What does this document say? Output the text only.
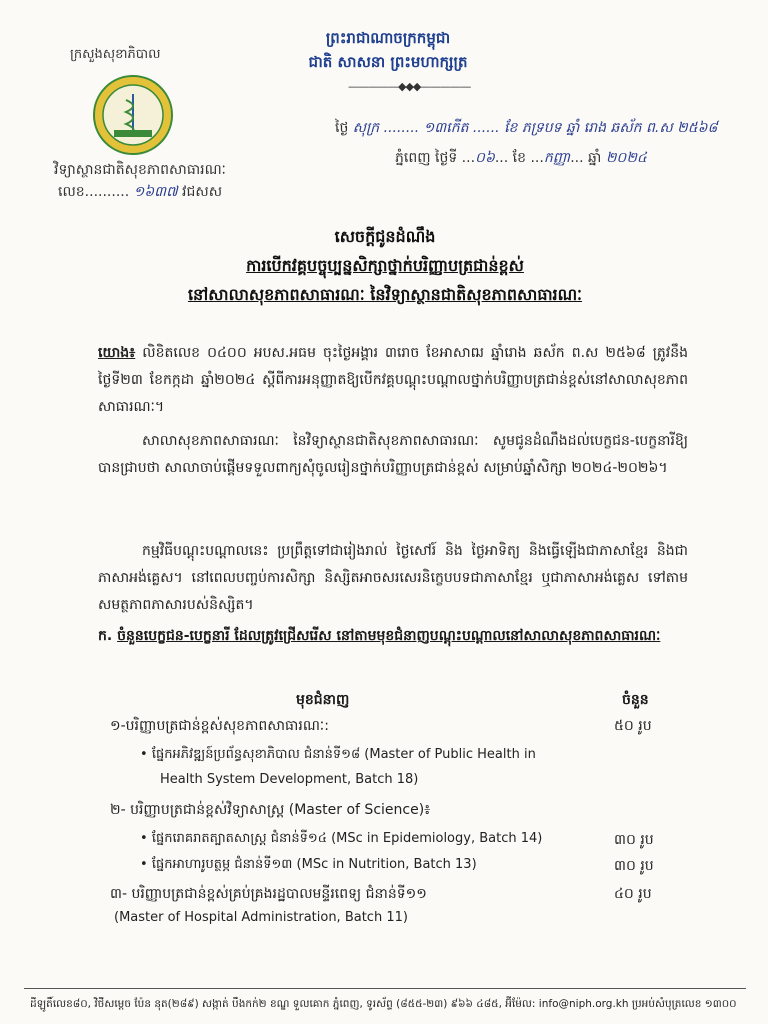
ព្រះរាជាណាចក្រកម្ពុជា
ជាតិ សាសនា ព្រះមហាក្សត្រ
—————◆◆◆—————
ក្រសួងសុខាភិបាល
ថ្ងៃ សុក្រ ........ ១៣កើត ...... ខែ ភទ្របទ ឆ្នាំ ​រោង ឆស័ក ព.ស ២៥៦៨
ភ្នំពេញ ថ្ងៃទី ...០៦... ខែ ...កញ្ញា... ឆ្នាំ ២០២៤
វិទ្យាស្ថានជាតិសុខភាពសាធារណៈ
លេខ.......... ១៦៣៧ វជសស
សេចក្តីជូនដំណឹង
ការបើកវគ្គបច្ចុប្បន្នសិក្សាថ្នាក់បរិញ្ញាបត្រជាន់ខ្ពស់
នៅសាលាសុខភាពសាធារណៈ នៃវិទ្យាស្ថានជាតិសុខភាពសាធារណៈ
យោង៖ លិខិតលេខ ០៤០០ អបស.អធម ចុះថ្ងៃអង្គារ ៣រោច ខែអាសាឍ ឆ្នាំរោង ឆស័ក ព.ស ២៥៦៨ ត្រូវនឹងថ្ងៃទី២៣ ខែកក្កដា ឆ្នាំ២០២៤ ស្តីពីការអនុញ្ញាតឱ្យបើកវគ្គបណ្តុះបណ្តាលថ្នាក់បរិញ្ញាបត្រជាន់ខ្ពស់នៅសាលាសុខភាពសាធារណៈ។
សាលាសុខភាពសាធារណៈ នៃវិទ្យាស្ថានជាតិសុខភាពសាធារណៈ សូមជូនដំណឹងដល់បេក្ខជន-បេក្ខនារីឱ្យបានជ្រាបថា សាលាចាប់ផ្តើមទទួលពាក្យសុំចូលរៀនថ្នាក់បរិញ្ញាបត្រជាន់ខ្ពស់ សម្រាប់ឆ្នាំសិក្សា ២០២៤-២០២៦។
កម្មវិធីបណ្តុះបណ្តាលនេះ ប្រព្រឹត្តទៅជារៀងរាល់ ថ្ងៃសៅរ៍ និង ថ្ងៃអាទិត្យ និងធ្វើឡើងជាភាសាខ្មែរ និងជាភាសាអង់គ្លេស។ នៅពេលបញ្ចប់ការសិក្សា និស្សិតអាចសរសេរនិក្ខេបបទជាភាសាខ្មែរ ឬជាភាសាអង់គ្លេស ទៅតាមសមត្ថភាពភាសារបស់និស្សិត។
ក. ចំនួនបេក្ខជន-បេក្ខនារី ដែលត្រូវជ្រើសរើស នៅតាមមុខជំនាញបណ្តុះបណ្តាលនៅសាលាសុខភាពសាធារណៈ
មុខជំនាញ	ចំនួន
១-បរិញ្ញាបត្រជាន់ខ្ពស់សុខភាពសាធារណៈ:	៥០ រូប
• ផ្នែកអភិវឌ្ឍន៍ប្រព័ន្ធសុខាភិបាល ជំនាន់ទី១៨ (Master of Public Health in
Health System Development, Batch 18)
២- បរិញ្ញាបត្រជាន់ខ្ពស់វិទ្យាសាស្ត្រ (Master of Science)៖
• ផ្នែករោគរាតត្បាតសាស្ត្រ ជំនាន់ទី១៤ (MSc in Epidemiology, Batch 14)	៣០ រូប
• ផ្នែកអាហារូបត្ថម្ភ ជំនាន់ទី១៣ (MSc in Nutrition, Batch 13)	៣០ រូប
៣- បរិញ្ញាបត្រជាន់ខ្ពស់គ្រប់គ្រងរដ្ឋបាលមន្ទីរពេទ្យ ជំនាន់ទី១១	៤០ រូប
(Master of Hospital Administration, Batch 11)
ដីឡូតិ៍លេខ៨០, វិថីសម្តេច ប៉ែន នុត(២៨៩) សង្កាត់ បឹងកក់២ ខណ្ឌ ទួលគោក ភ្នំពេញ, ទូរស័ព្ទ (៨៥៥-២៣) ៩៦៦ ៤៨៥, អ៊ីម៉ែល: info@niph.org.kh ប្រអប់សំបុត្រលេខ ១៣០០
